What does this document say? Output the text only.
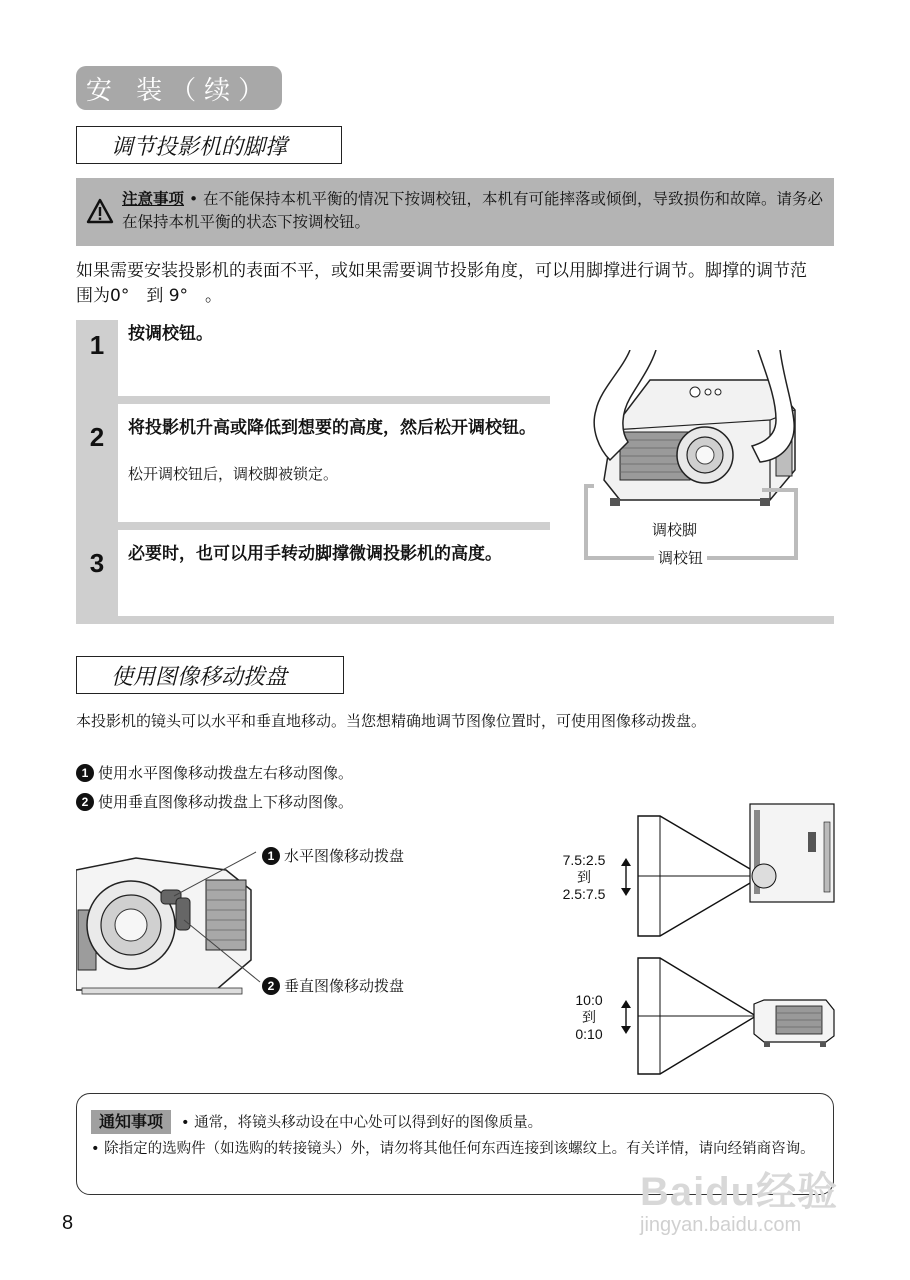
安 装（续）
调节投影机的脚撑
注意事项 • 在不能保持本机平衡的情况下按调校钮，本机有可能摔落或倾倒，导致损伤和故障。请务必在保持本机平衡的状态下按调校钮。
如果需要安装投影机的表面不平，或如果需要调节投影角度，可以用脚撑进行调节。脚撑的调节范围为0°　到 9°　。
1	按调校钮。
2	将投影机升高或降低到想要的高度，然后松开调校钮。
松开调校钮后，调校脚被锁定。
3	必要时，也可以用手转动脚撑微调投影机的高度。
调校脚
调校钮
使用图像移动拨盘
本投影机的镜头可以水平和垂直地移动。当您想精确地调节图像位置时，可使用图像移动拨盘。
1 使用水平图像移动拨盘左右移动图像。
2 使用垂直图像移动拨盘上下移动图像。
1 水平图像移动拨盘
2 垂直图像移动拨盘
7.5:2.5
到
2.5:7.5
10:0
到
0:10
通知事项 • 通常，将镜头移动设在中心处可以得到好的图像质量。
• 除指定的选购件（如选购的转接镜头）外，请勿将其他任何东西连接到该螺纹上。有关详情，请向经销商咨询。
8
Baidu经验
jingyan.baidu.com
